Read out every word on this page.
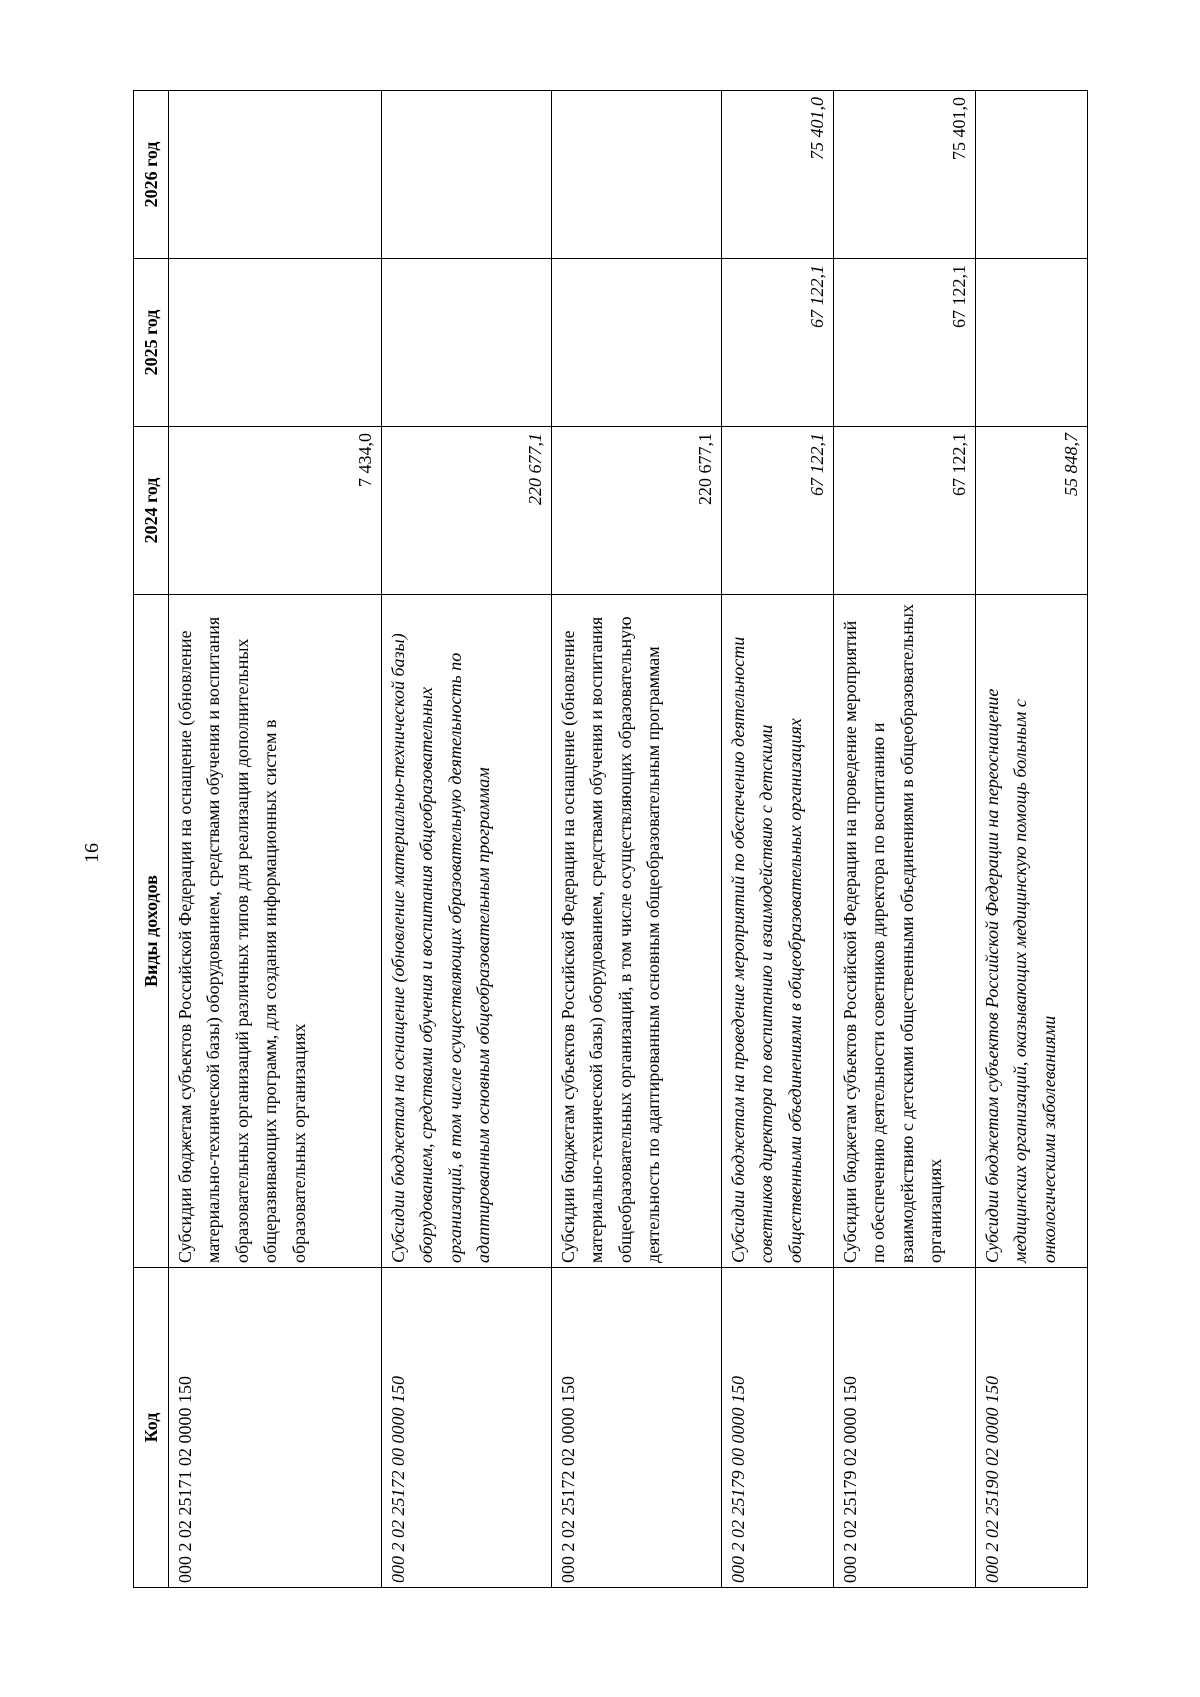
16
Код	Виды доходов	2024 год	2025 год	2026 год
000 2 02 25171 02 0000 150	Субсидии бюджетам субъектов Российской Федерации на оснащение (обновление материально-технической базы) оборудованием, средствами обучения и воспитания образовательных организаций различных типов для реализации дополнительных общеразвивающих программ, для создания информационных систем в образовательных организациях	7 434,0		
000 2 02 25172 00 0000 150	Субсидии бюджетам на оснащение (обновление материально-технической базы) оборудованием, средствами обучения и воспитания общеобразовательных организаций, в том числе осуществляющих образовательную деятельность по адаптированным основным общеобразовательным программам	220 677,1		
000 2 02 25172 02 0000 150	Субсидии бюджетам субъектов Российской Федерации на оснащение (обновление материально-технической базы) оборудованием, средствами обучения и воспитания общеобразовательных организаций, в том числе осуществляющих образовательную деятельность по адаптированным основным общеобразовательным программам	220 677,1		
000 2 02 25179 00 0000 150	Субсидии бюджетам на проведение мероприятий по обеспечению деятельности советников директора по воспитанию и взаимодействию с детскими общественными объединениями в общеобразовательных организациях	67 122,1	67 122,1	75 401,0
000 2 02 25179 02 0000 150	Субсидии бюджетам субъектов Российской Федерации на проведение мероприятий по обеспечению деятельности советников директора по воспитанию и взаимодействию с детскими общественными объединениями в общеобразовательных организациях	67 122,1	67 122,1	75 401,0
000 2 02 25190 02 0000 150	Субсидии бюджетам субъектов Российской Федерации на переоснащение медицинских организаций, оказывающих медицинскую помощь больным с онкологическими заболеваниями	55 848,7		
